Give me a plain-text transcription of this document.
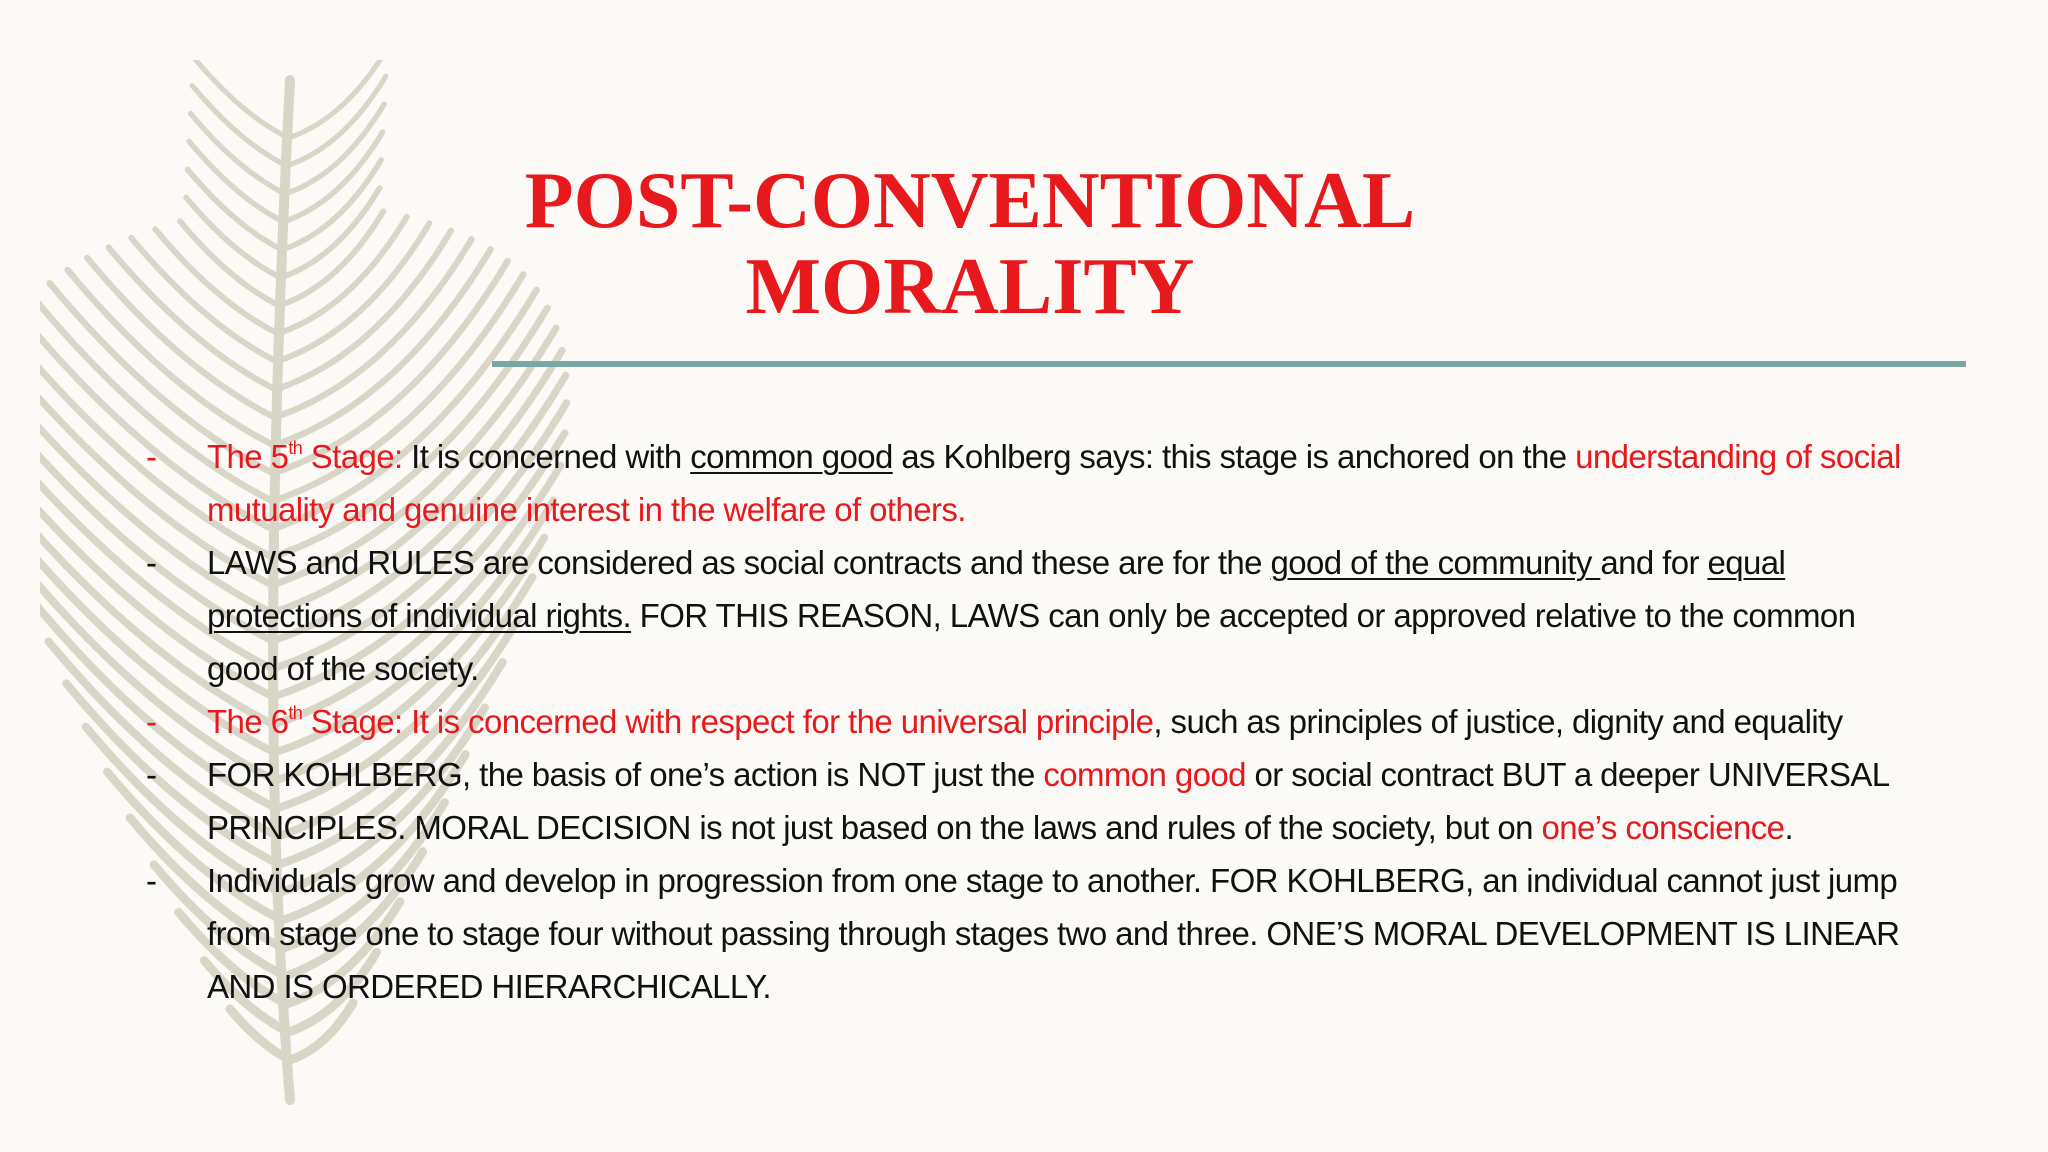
POST-CONVENTIONAL
MORALITY
-	The 5th Stage: It is concerned with common good as Kohlberg says: this stage is anchored on the understanding of social mutuality and genuine interest in the welfare of others.
-	LAWS and RULES are considered as social contracts and these are for the good of the community and for equal protections of individual rights. FOR THIS REASON, LAWS can only be accepted or approved relative to the common good of the society.
-	The 6th Stage: It is concerned with respect for the universal principle, such as principles of justice, dignity and equality
-	FOR KOHLBERG, the basis of one’s action is NOT just the common good or social contract BUT a deeper UNIVERSAL PRINCIPLES. MORAL DECISION is not just based on the laws and rules of the society, but on one’s conscience.
-	Individuals grow and develop in progression from one stage to another. FOR KOHLBERG, an individual cannot just jump from stage one to stage four without passing through stages two and three. ONE’S MORAL DEVELOPMENT IS LINEAR AND IS ORDERED HIERARCHICALLY.
